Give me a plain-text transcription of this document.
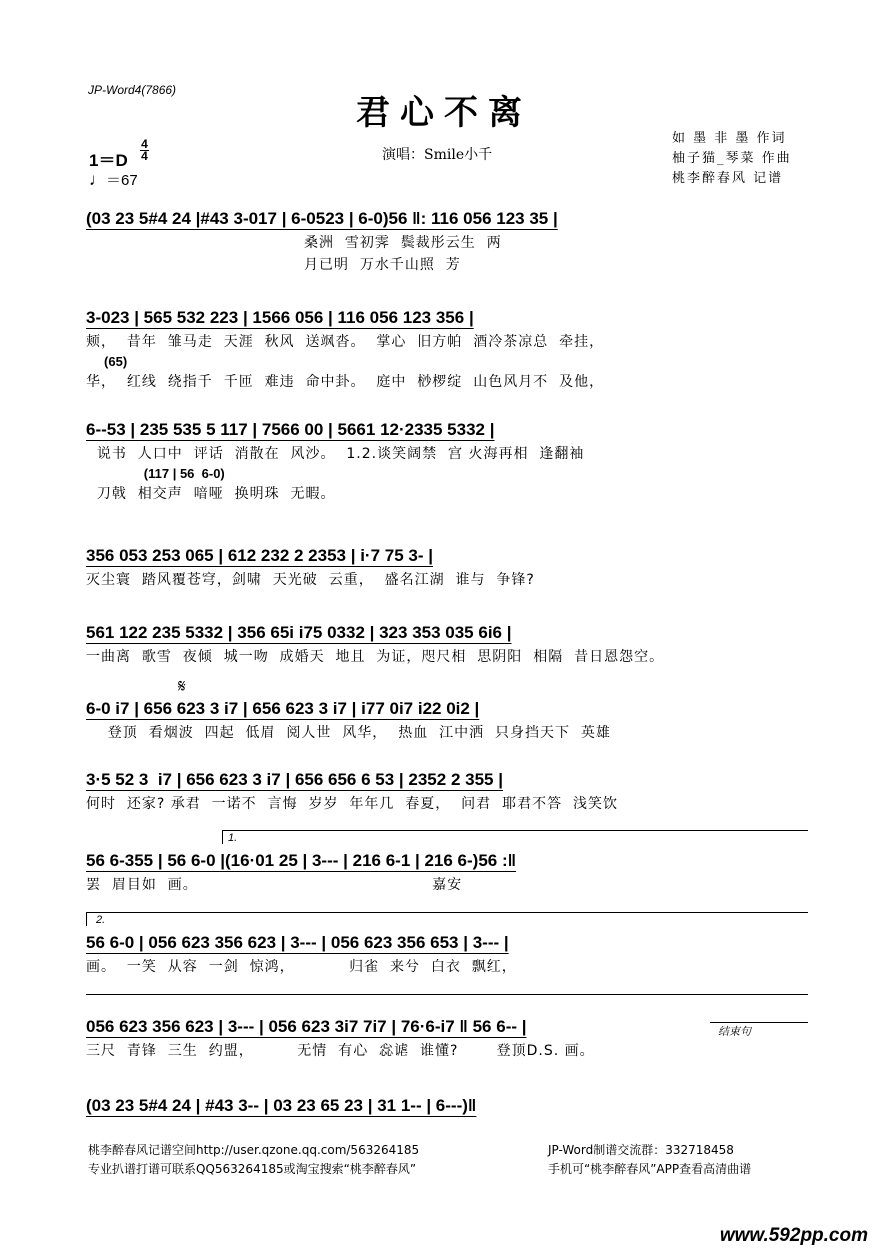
JP-Word4(7866)
君心不离
演唱：Smile小千
如 墨 非 墨 作词
柚子猫_琴菜 作曲
桃李醉春风 记谱
1＝D
4
4
♩＝67
(03 23 5#4 24 |#43 3-017 | 6-0523 | 6-0)56 ‖: 116 056 123 35 |
桑洲  雪初霁  鬓裁彤云生  两
月已明  万水千山照  芳
3-023 | 565 532 223 | 1566 056 | 116 056 123 356 |
颊，  昔年  雏马走  天涯  秋风  送飒沓。  掌心  旧方帕  酒冷茶凉总  牵挂，
(65)
华，  红线  绕指千  千匝  难违  命中卦。  庭中  桫椤绽  山色风月不  及他，
6--53 | 235 535 5 117 | 7566 00 | 5661 12·2335 5332 |
说书  人口中  评话  消散在  风沙。  1.2.谈笑阔禁  宫 火海再相  逢翻袖
(117 | 56  6-0)
刀戟  相交声  喑哑  换明珠  无暇。
356 053 253 065 | 612 232 2 2353 | i·7 75 3- |
灭尘寰  踏风覆苍穹，剑啸  天光破  云重，  盛名江湖  谁与  争锋?
561 122 235 5332 | 356 65i i75 0332 | 323 353 035 6i6 |
一曲离  歌雪  夜倾  城一吻  成婚天  地且  为证，咫尺相  思阴阳  相隔  昔日恩怨空。
𝄋
6-0 i7 | 656 623 3 i7 | 656 623 3 i7 | i77 0i7 i22 0i2 |
登顶  看烟波  四起  低眉  阅人世  风华，  热血  江中洒  只身挡天下  英雄
3·5 52 3  i7 | 656 623 3 i7 | 656 656 6 53 | 2352 2 355 |
何时  还家? 承君  一诺不  言悔  岁岁  年年几  春夏，  问君  耶君不答  浅笑饮
1.
56 6-355 | 56 6-0 |(16·01 25 | 3--- | 216 6-1 | 216 6-)56 :‖
罢  眉目如  画。                                           嘉安
2.
56 6-0 | 056 623 356 623 | 3--- | 056 623 356 653 | 3--- |
画。  一笑  从容  一剑  惊鸿，          归雀  来兮  白衣  飘红，
结束句
056 623 356 623 | 3--- | 056 623 3i7 7i7 | 76·6-i7 ‖ 56 6-- |
三尺  青锋  三生  约盟，        无情  有心  惢谑  谁懂?       登顶D.S. 画。
(03 23 5#4 24 | #43 3-- | 03 23 65 23 | 31 1-- | 6---)‖
桃李醉春风记谱空间http://user.qzone.qq.com/563264185
专业扒谱打谱可联系QQ563264185或淘宝搜索“桃李醉春风”
JP-Word制谱交流群：332718458
手机可“桃李醉春风”APP查看高清曲谱
www.592pp.com
